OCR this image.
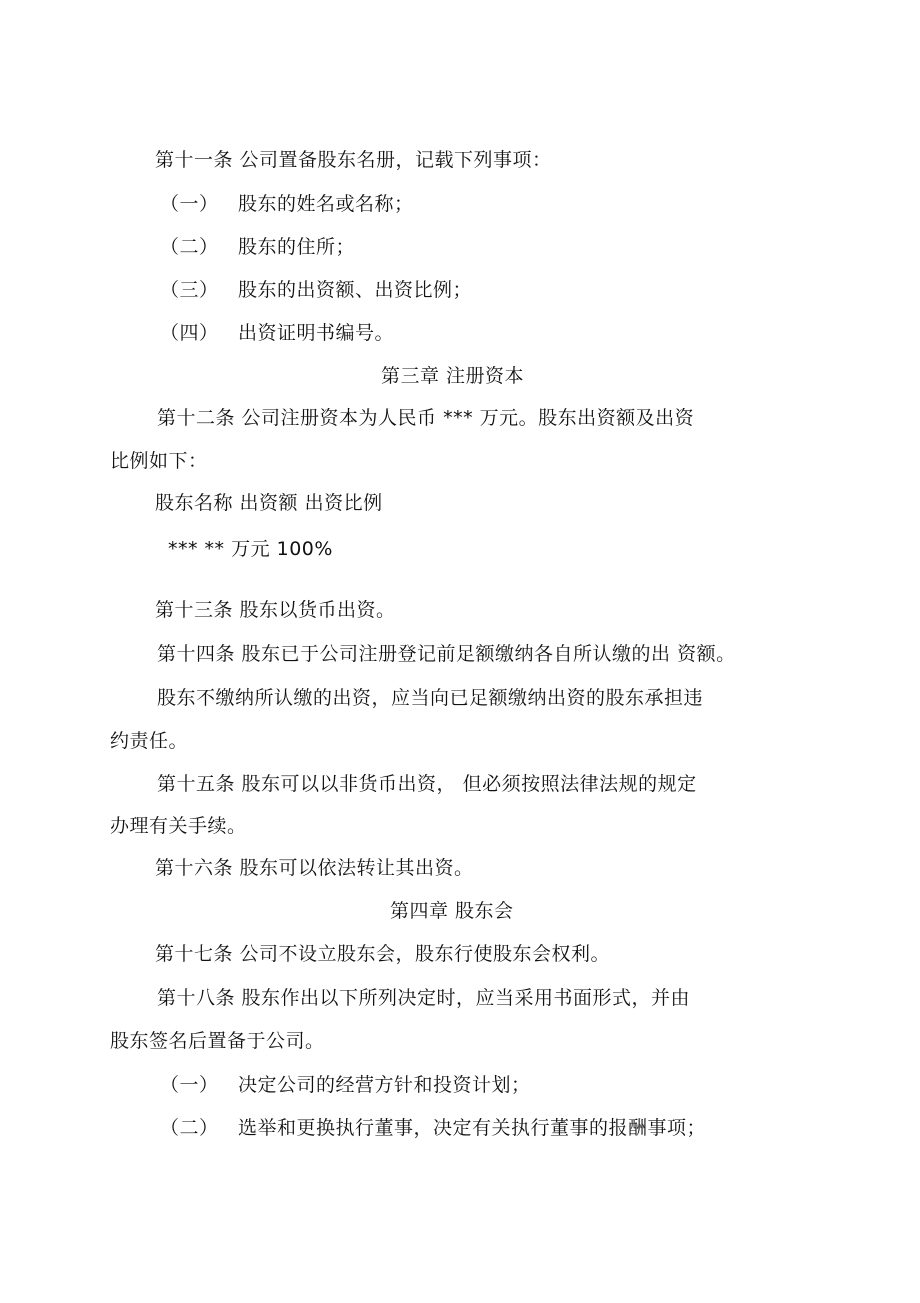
第十一条 公司置备股东名册，记载下列事项：
（一） 股东的姓名或名称；
（二） 股东的住所；
（三） 股东的出资额、出资比例；
（四） 出资证明书编号。
第三章 注册资本
第十二条 公司注册资本为人民币 *** 万元。股东出资额及出资
比例如下：
股东名称 出资额 出资比例
*** ** 万元 100%
第十三条 股东以货币出资。
第十四条 股东已于公司注册登记前足额缴纳各自所认缴的出 资额。
股东不缴纳所认缴的出资，应当向已足额缴纳出资的股东承担违
约责任。
第十五条 股东可以以非货币出资， 但必须按照法律法规的规定
办理有关手续。
第十六条 股东可以依法转让其出资。
第四章 股东会
第十七条 公司不设立股东会，股东行使股东会权利。
第十八条 股东作出以下所列决定时，应当采用书面形式，并由
股东签名后置备于公司。
（一） 决定公司的经营方针和投资计划；
（二） 选举和更换执行董事，决定有关执行董事的报酬事项；
